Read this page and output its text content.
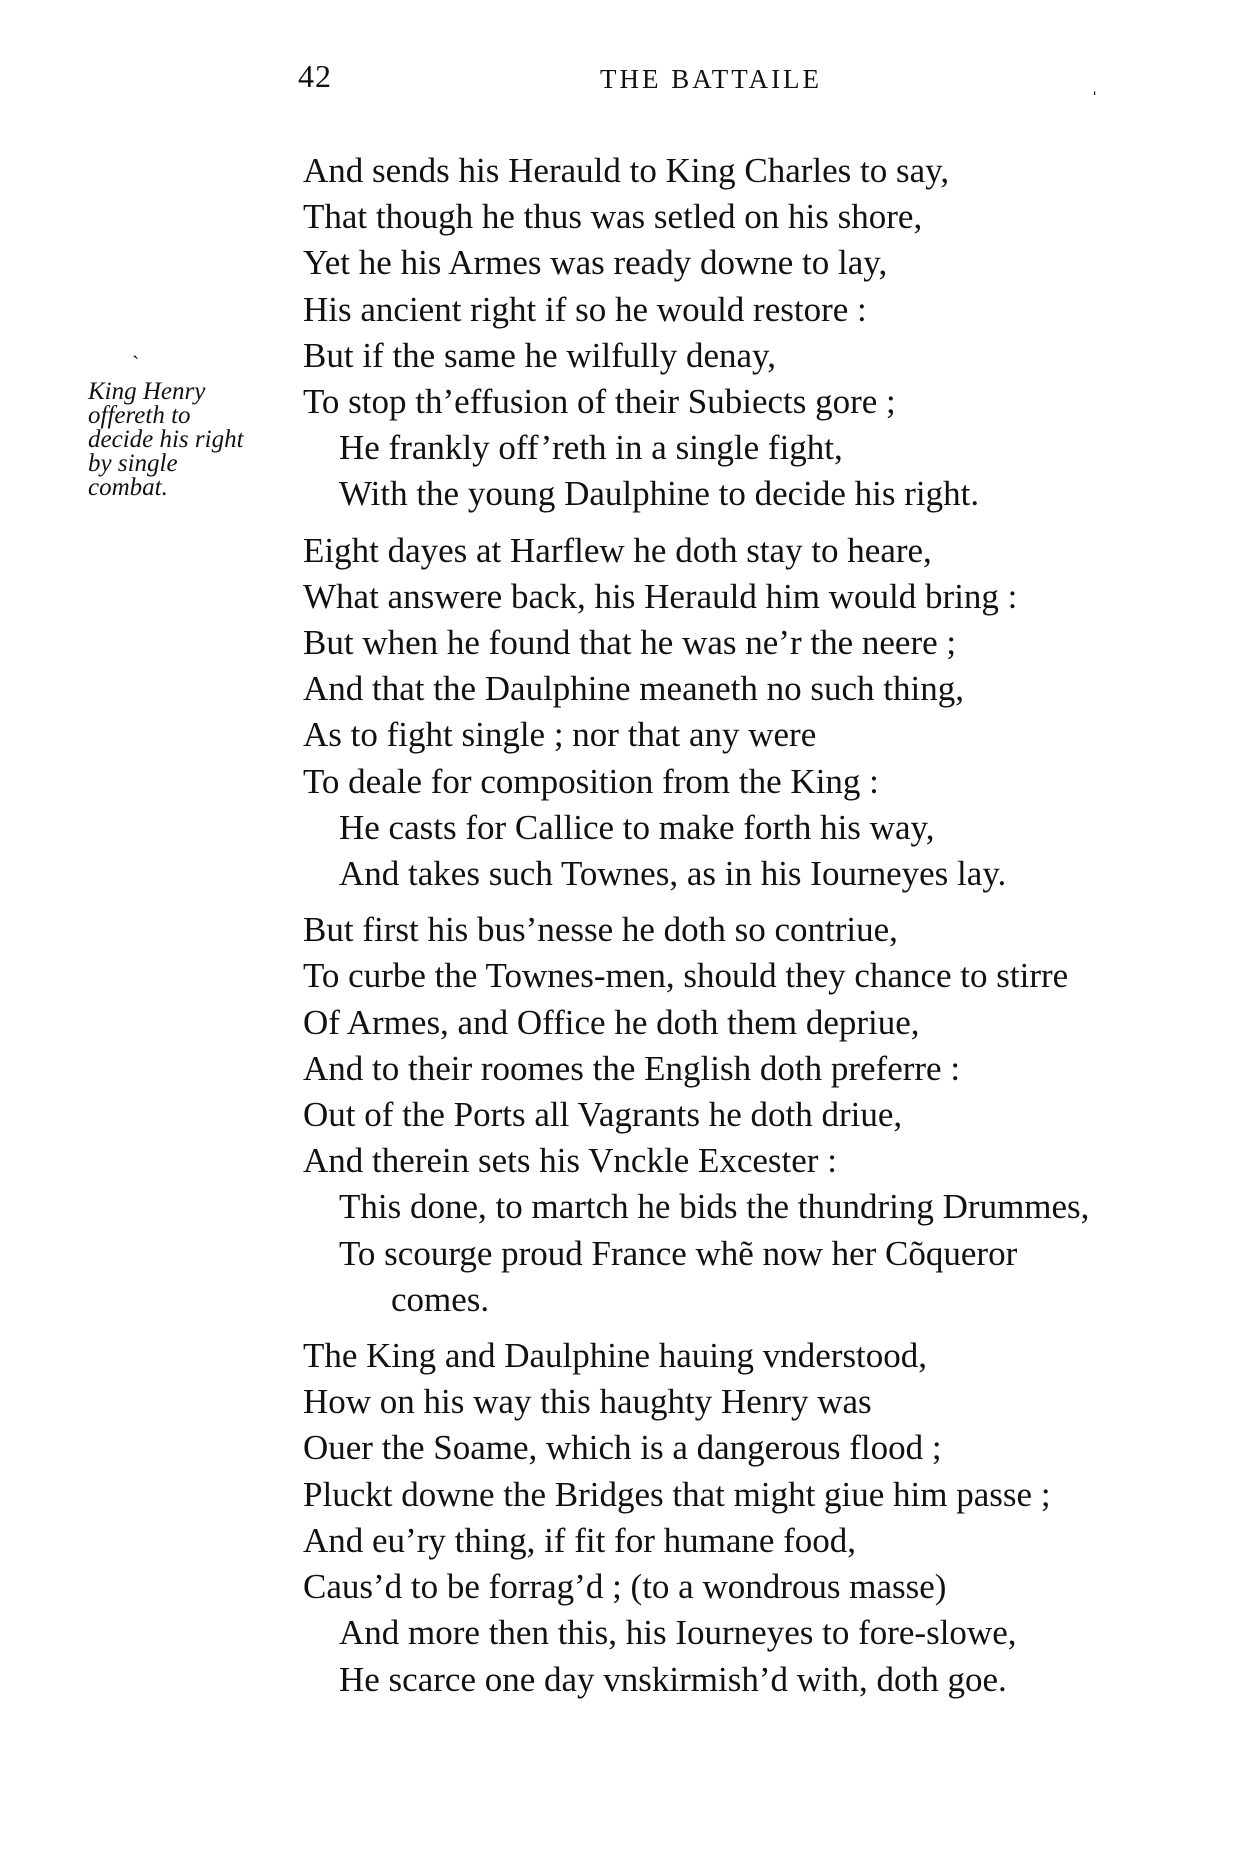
42	THE BATTAILE	ˌ
ˎ
King Henry
offereth to
decide his right
by single
combat.
And sends his Herauld to King Charles to say,
That though he thus was setled on his shore,
Yet he his Armes was ready downe to lay,
His ancient right if so he would restore :
But if the same he wilfully denay,
To stop th’effusion of their Subiects gore ;
He frankly off’reth in a single fight,
With the young Daulphine to decide his right.
Eight dayes at Harflew he doth stay to heare,
What answere back, his Herauld him would bring :
But when he found that he was ne’r the neere ;
And that the Daulphine meaneth no such thing,
As to fight single ; nor that any were
To deale for composition from the King :
He casts for Callice to make forth his way,
And takes such Townes, as in his Iourneyes lay.
But first his bus’nesse he doth so contriue,
To curbe the Townes-men, should they chance to stirre
Of Armes, and Office he doth them depriue,
And to their roomes the English doth preferre :
Out of the Ports all Vagrants he doth driue,
And therein sets his Vnckle Excester :
This done, to martch he bids the thundring Drummes,
To scourge proud France whẽ now her Cõqueror
comes.
The King and Daulphine hauing vnderstood,
How on his way this haughty Henry was
Ouer the Soame, which is a dangerous flood ;
Pluckt downe the Bridges that might giue him passe ;
And eu’ry thing, if fit for humane food,
Caus’d to be forrag’d ; (to a wondrous masse)
And more then this, his Iourneyes to fore-slowe,
He scarce one day vnskirmish’d with, doth goe.
